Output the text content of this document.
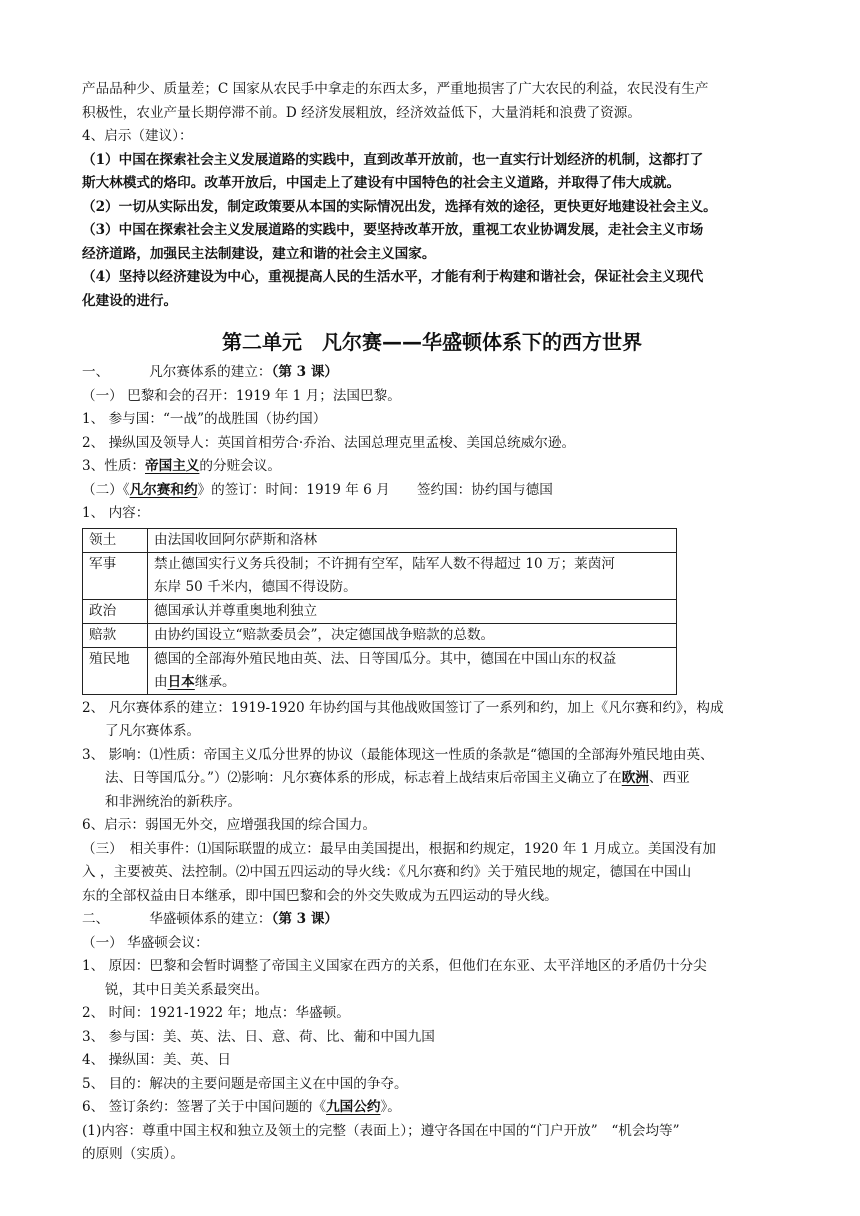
产品品种少、质量差；C 国家从农民手中拿走的东西太多，严重地损害了广大农民的利益，农民没有生产

积极性，农业产量长期停滞不前。D 经济发展粗放，经济效益低下，大量消耗和浪费了资源。

4、启示（建议）：

（1）中国在探索社会主义发展道路的实践中，直到改革开放前，也一直实行计划经济的机制，这都打了

斯大林模式的烙印。改革开放后，中国走上了建设有中国特色的社会主义道路，并取得了伟大成就。

（2）一切从实际出发，制定政策要从本国的实际情况出发，选择有效的途径，更快更好地建设社会主义。

（3）中国在探索社会主义发展道路的实践中，要坚持改革开放，重视工农业协调发展，走社会主义市场

经济道路，加强民主法制建设，建立和谐的社会主义国家。

（4）坚持以经济建设为中心，重视提高人民的生活水平，才能有利于构建和谐社会，保证社会主义现代

化建设的进行。

第二单元　凡尔赛——华盛顿体系下的西方世界

一、	凡尔赛体系的建立：（第 3 课）

（一） 巴黎和会的召开：1919 年 1 月；法国巴黎。

1、 参与国：“一战”的战胜国（协约国）

2、 操纵国及领导人：英国首相劳合·乔治、法国总理克里孟梭、美国总统威尔逊。

3、性质：帝国主义的分赃会议。

（二）《凡尔赛和约》的签订：时间：1919 年 6 月　　签约国：协约国与德国

1、 内容：

领土	由法国收回阿尔萨斯和洛林
军事	禁止德国实行义务兵役制；不许拥有空军，陆军人数不得超过 10 万；莱茵河
东岸 50 千米内，德国不得设防。

政治	德国承认并尊重奥地利独立
赔款	由协约国设立“赔款委员会”，决定德国战争赔款的总数。
殖民地	德国的全部海外殖民地由英、法、日等国瓜分。其中，德国在中国山东的权益
由日本继承。

2、 凡尔赛体系的建立：1919-1920 年协约国与其他战败国签订了一系列和约，加上《凡尔赛和约》，构成

了凡尔赛体系。

3、 影响：⑴性质：帝国主义瓜分世界的协议（最能体现这一性质的条款是“德国的全部海外殖民地由英、

法、日等国瓜分。”）⑵影响：凡尔赛体系的形成，标志着上战结束后帝国主义确立了在欧洲、西亚

和非洲统治的新秩序。

6、启示：弱国无外交，应增强我国的综合国力。

（三）　相关事件：⑴国际联盟的成立：最早由美国提出，根据和约规定，1920 年 1 月成立。美国没有加

入 ，主要被英、法控制。⑵中国五四运动的导火线：《凡尔赛和约》关于殖民地的规定，德国在中国山

东的全部权益由日本继承，即中国巴黎和会的外交失败成为五四运动的导火线。

二、	华盛顿体系的建立：（第 3 课）

（一） 华盛顿会议：

1、 原因：巴黎和会暂时调整了帝国主义国家在西方的关系，但他们在东亚、太平洋地区的矛盾仍十分尖

锐，其中日美关系最突出。

2、 时间：1921-1922 年；地点：华盛顿。

3、 参与国：美、英、法、日、意、荷、比、葡和中国九国

4、 操纵国：美、英、日

5、 目的：解决的主要问题是帝国主义在中国的争夺。

6、 签订条约：签署了关于中国问题的《九国公约》。

(1)内容：尊重中国主权和独立及领土的完整（表面上）；遵守各国在中国的“门户开放”　“机会均等”

的原则（实质）。
